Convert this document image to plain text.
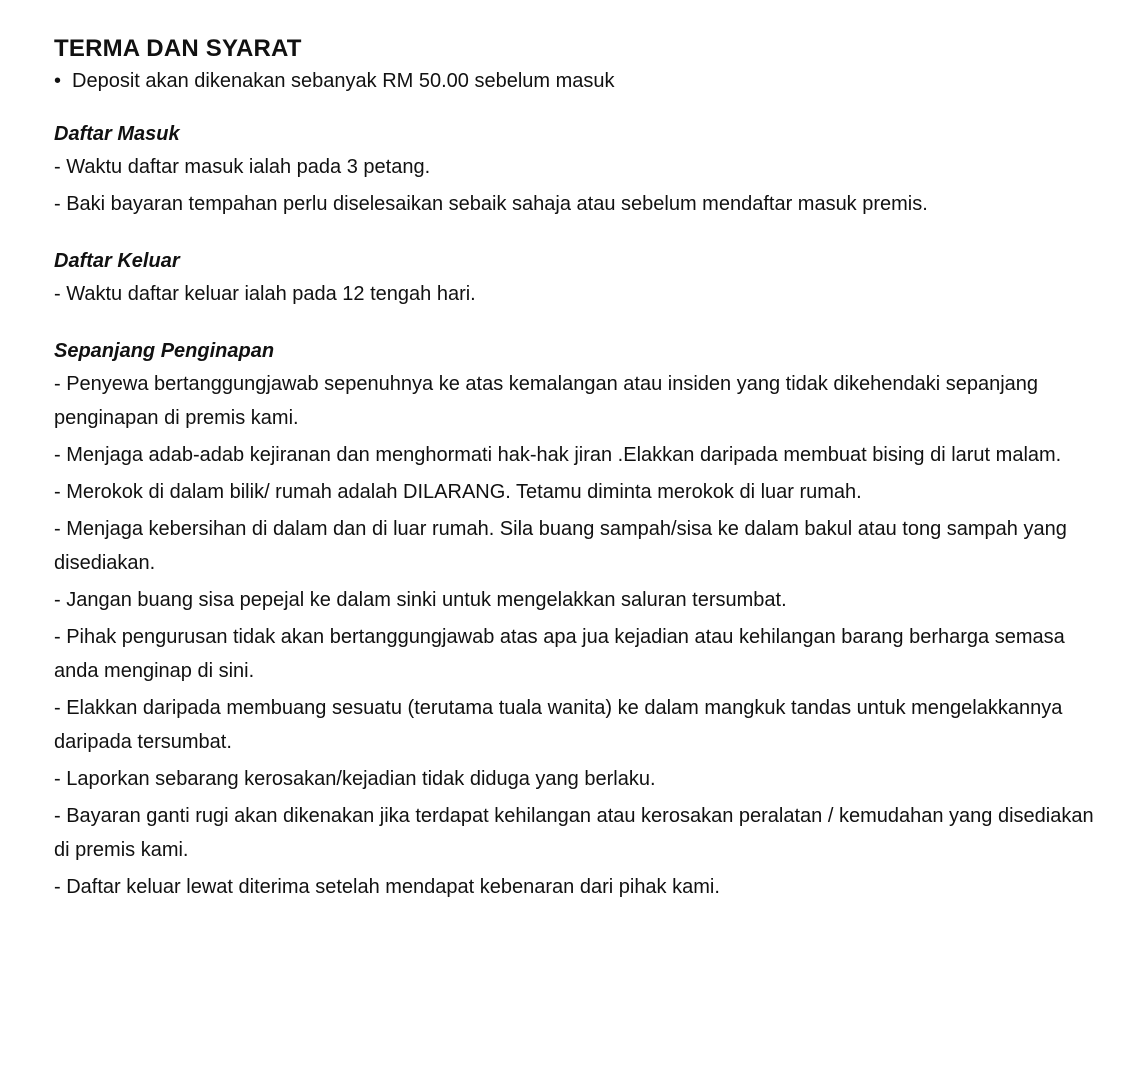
TERMA DAN SYARAT

• Deposit akan dikenakan sebanyak RM 50.00 sebelum masuk

Daftar Masuk

- Waktu daftar masuk ialah pada 3 petang.

- Baki bayaran tempahan perlu diselesaikan sebaik sahaja atau sebelum mendaftar masuk premis.

Daftar Keluar

- Waktu daftar keluar ialah pada 12 tengah hari.

Sepanjang Penginapan

- Penyewa bertanggungjawab sepenuhnya ke atas kemalangan atau insiden yang tidak dikehendaki sepanjang penginapan di premis kami.

- Menjaga adab-adab kejiranan dan menghormati hak-hak jiran .Elakkan daripada membuat bising di larut malam.

- Merokok di dalam bilik/ rumah adalah DILARANG. Tetamu diminta merokok di luar rumah.

- Menjaga kebersihan di dalam dan di luar rumah. Sila buang sampah/sisa ke dalam bakul atau tong sampah yang disediakan.

- Jangan buang sisa pepejal ke dalam sinki untuk mengelakkan saluran tersumbat.

- Pihak pengurusan tidak akan bertanggungjawab atas apa jua kejadian atau kehilangan barang berharga semasa anda menginap di sini.

- Elakkan daripada membuang sesuatu (terutama tuala wanita) ke dalam mangkuk tandas untuk mengelakkannya daripada tersumbat.

- Laporkan sebarang kerosakan/kejadian tidak diduga yang berlaku.

- Bayaran ganti rugi akan dikenakan jika terdapat kehilangan atau kerosakan peralatan / kemudahan yang disediakan di premis kami.

- Daftar keluar lewat diterima setelah mendapat kebenaran dari pihak kami.
